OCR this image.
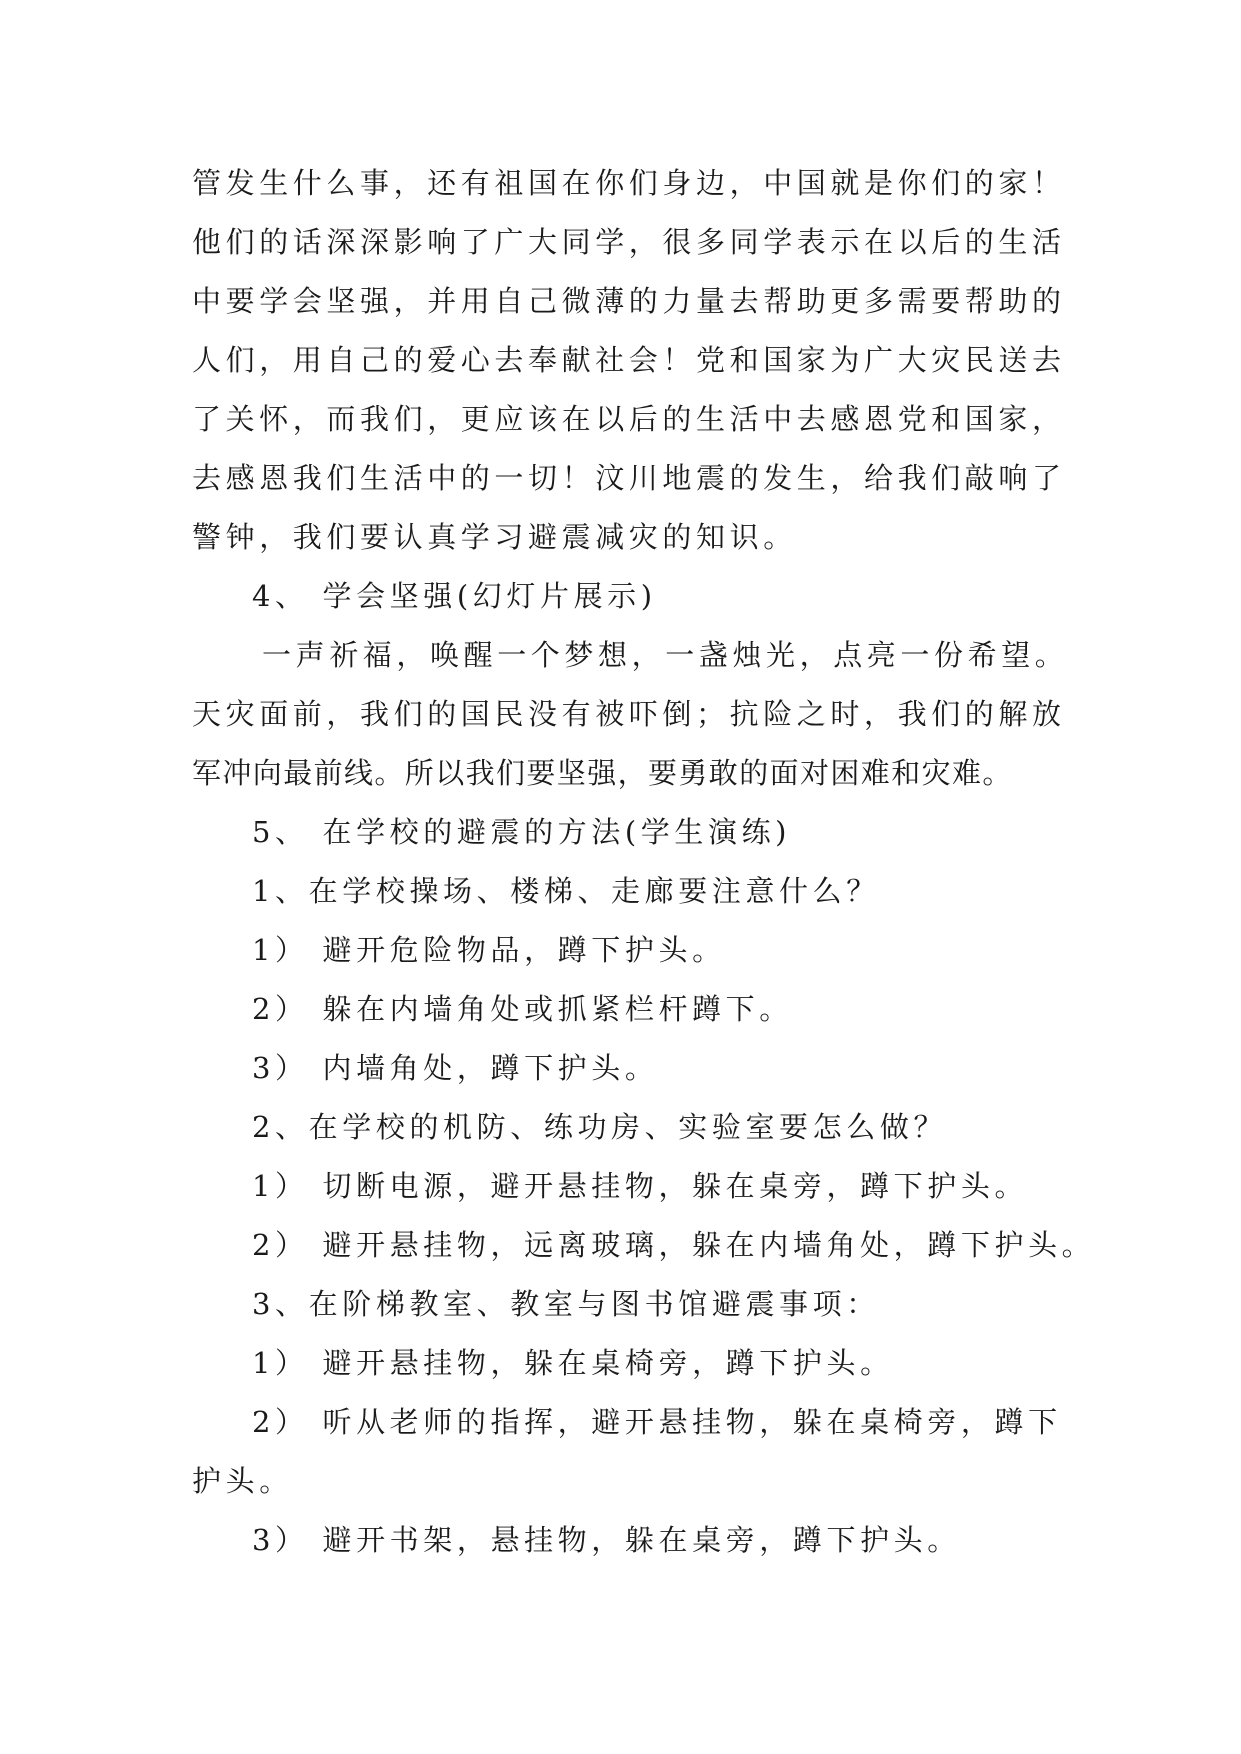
管发生什么事，还有祖国在你们身边，中国就是你们的家！
他们的话深深影响了广大同学，很多同学表示在以后的生活
中要学会坚强，并用自己微薄的力量去帮助更多需要帮助的
人们，用自己的爱心去奉献社会！党和国家为广大灾民送去
了关怀，而我们，更应该在以后的生活中去感恩党和国家，
去感恩我们生活中的一切！汶川地震的发生，给我们敲响了
警钟，我们要认真学习避震减灾的知识。
4、 学会坚强(幻灯片展示)
一声祈福，唤醒一个梦想，一盏烛光，点亮一份希望。
天灾面前，我们的国民没有被吓倒；抗险之时，我们的解放
军冲向最前线。所以我们要坚强，要勇敢的面对困难和灾难。
5、 在学校的避震的方法(学生演练)
1、在学校操场、楼梯、走廊要注意什么？
1） 避开危险物品，蹲下护头。
2） 躲在内墙角处或抓紧栏杆蹲下。
3） 内墙角处，蹲下护头。
2、在学校的机防、练功房、实验室要怎么做？
1） 切断电源，避开悬挂物，躲在桌旁，蹲下护头。
2） 避开悬挂物，远离玻璃，躲在内墙角处，蹲下护头。
3、在阶梯教室、教室与图书馆避震事项：
1） 避开悬挂物，躲在桌椅旁，蹲下护头。
2） 听从老师的指挥，避开悬挂物，躲在桌椅旁，蹲下
护头。
3） 避开书架，悬挂物，躲在桌旁，蹲下护头。
